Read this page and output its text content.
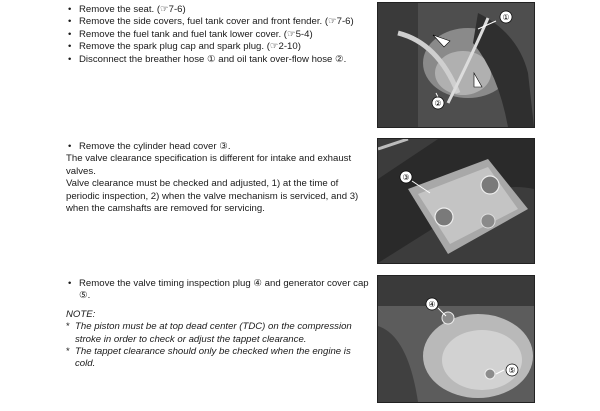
• Remove the seat. (☞7-6)
• Remove the side covers, fuel tank cover and front fender. (☞7-6)
• Remove the fuel tank and fuel tank lower cover. (☞5-4)
• Remove the spark plug cap and spark plug. (☞2-10)
• Disconnect the breather hose ① and oil tank over-flow hose ②.
• Remove the cylinder head cover ③.
The valve clearance specification is different for intake and exhaust valves.
Valve clearance must be checked and adjusted, 1) at the time of periodic inspection, 2) when the valve mechanism is serviced, and 3) when the camshafts are removed for servicing.
• Remove the valve timing inspection plug ④ and generator cover cap ⑤.
NOTE:
* The piston must be at top dead center (TDC) on the compression stroke in order to check or adjust the tappet clearance.
* The tappet clearance should only be checked when the engine is cold.
①
②
③
④
⑤
